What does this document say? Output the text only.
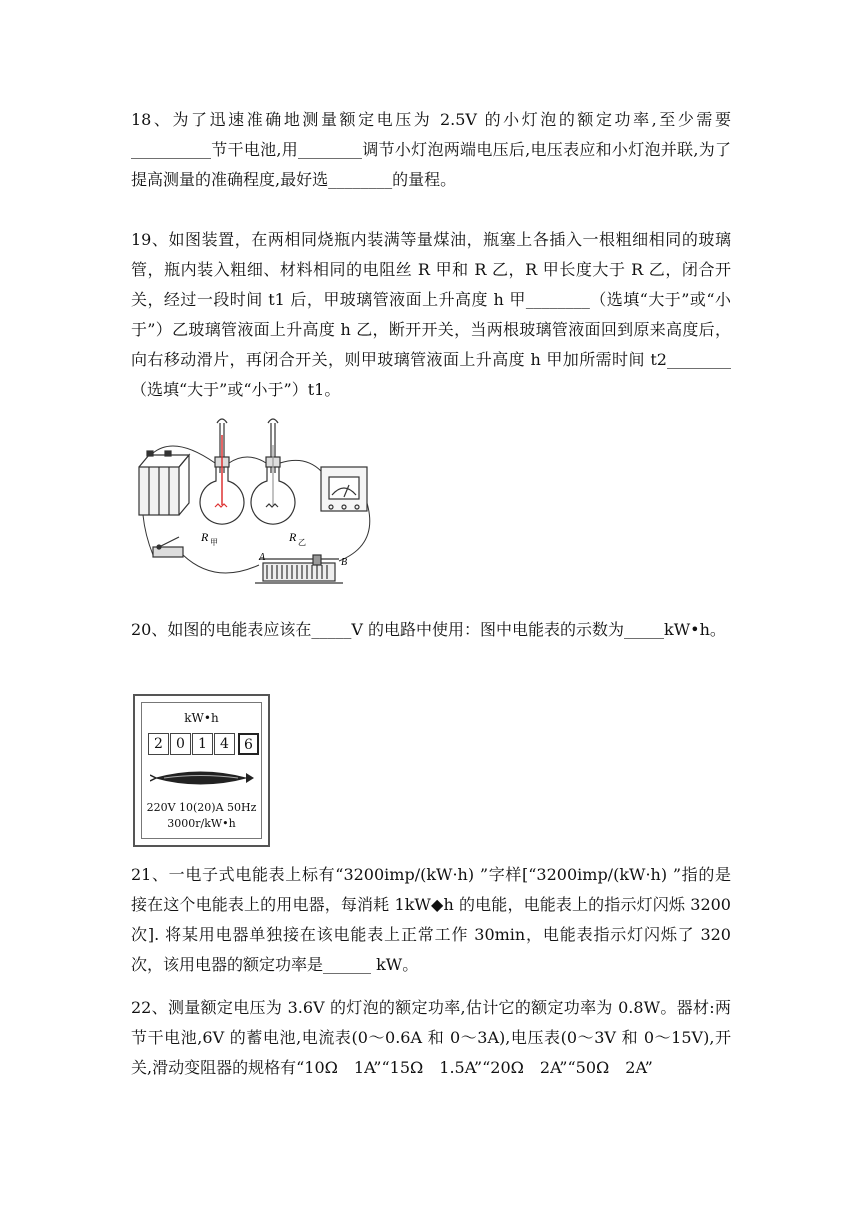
18、为了迅速准确地测量额定电压为 2.5V 的小灯泡的额定功率,至少需要__________节干电池,用________调节小灯泡两端电压后,电压表应和小灯泡并联,为了提高测量的准确程度,最好选________的量程。
19、如图装置，在两相同烧瓶内装满等量煤油，瓶塞上各插入一根粗细相同的玻璃管，瓶内装入粗细、材料相同的电阻丝 R 甲和 R 乙，R 甲长度大于 R 乙，闭合开关，经过一段时间 t1 后，甲玻璃管液面上升高度 h 甲________（选填“大于”或“小于”）乙玻璃管液面上升高度 h 乙，断开开关，当两根玻璃管液面回到原来高度后，向右移动滑片，再闭合开关，则甲玻璃管液面上升高度 h 甲加所需时间 t2________（选填“大于”或“小于”）t1。
R 甲	R 乙
A	B
20、如图的电能表应该在_____V 的电路中使用：图中电能表的示数为_____kW•h。
kW•h
2 0 1 4	6
220V 10(20)A 50Hz
3000r/kW•h
21、一电子式电能表上标有“3200imp/(kW·h) ”字样[“3200imp/(kW·h) ”指的是接在这个电能表上的用电器，每消耗 1kW◆h 的电能，电能表上的指示灯闪烁 3200 次]. 将某用电器单独接在该电能表上正常工作 30min，电能表指示灯闪烁了 320 次，该用电器的额定功率是______ kW。
22、测量额定电压为 3.6V 的灯泡的额定功率,估计它的额定功率为 0.8W。器材:两节干电池,6V 的蓄电池,电流表(0～0.6A 和 0～3A),电压表(0～3V 和 0～15V),开关,滑动变阻器的规格有“10Ω　1A”“15Ω　1.5A”“20Ω　2A”“50Ω　2A”
